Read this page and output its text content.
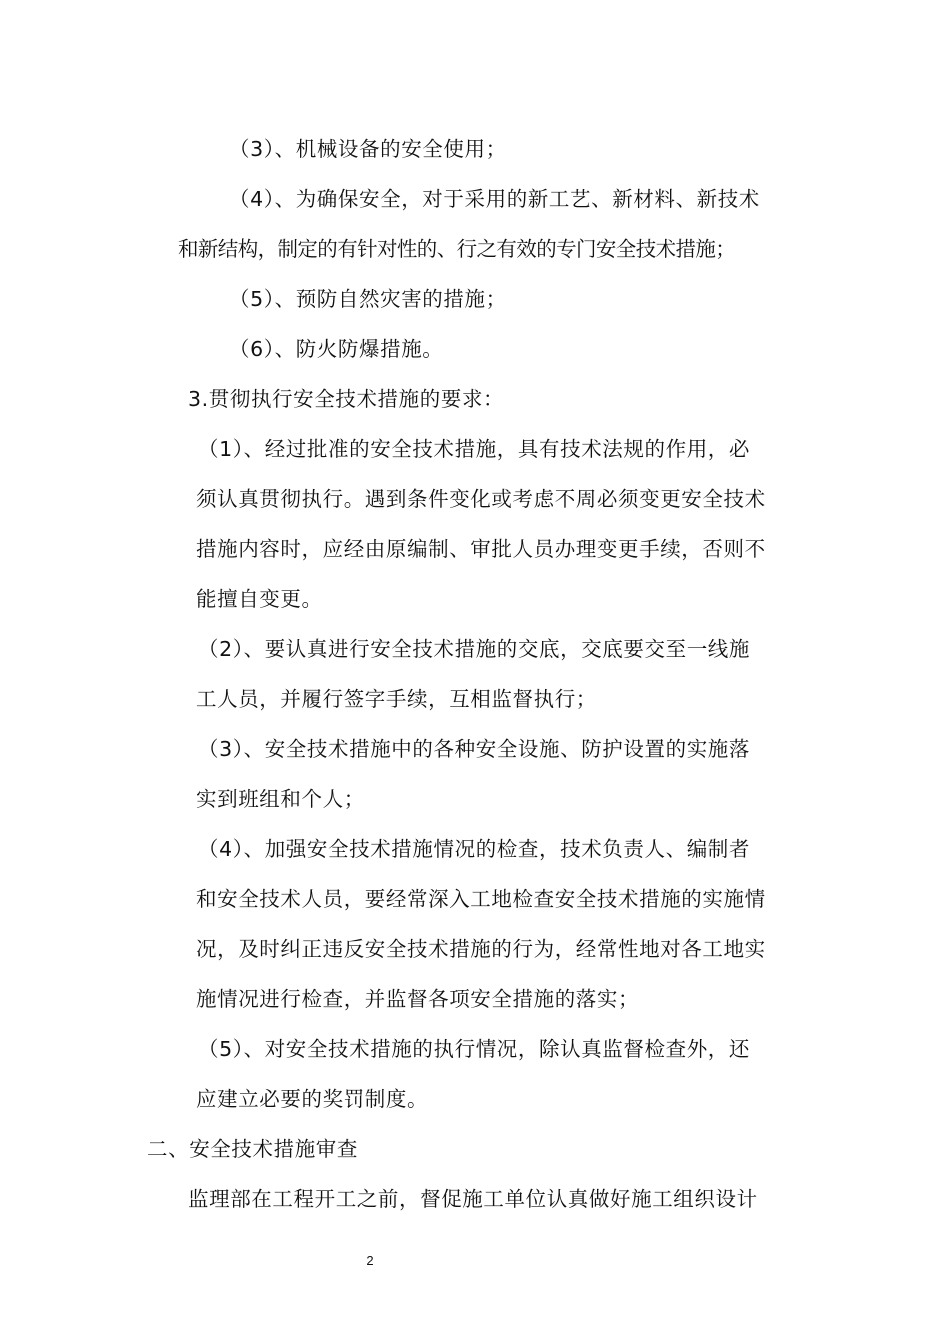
（3）、机械设备的安全使用；
（4）、为确保安全，对于采用的新工艺、新材料、新技术
和新结构，制定的有针对性的、行之有效的专门安全技术措施；
（5）、预防自然灾害的措施；
（6）、防火防爆措施。
3.贯彻执行安全技术措施的要求：
（1）、经过批准的安全技术措施，具有技术法规的作用，必
须认真贯彻执行。遇到条件变化或考虑不周必须变更安全技术
措施内容时，应经由原编制、审批人员办理变更手续，否则不
能擅自变更。
（2）、要认真进行安全技术措施的交底，交底要交至一线施
工人员，并履行签字手续，互相监督执行；
（3）、安全技术措施中的各种安全设施、防护设置的实施落
实到班组和个人；
（4）、加强安全技术措施情况的检查，技术负责人、编制者
和安全技术人员，要经常深入工地检查安全技术措施的实施情
况，及时纠正违反安全技术措施的行为，经常性地对各工地实
施情况进行检查，并监督各项安全措施的落实；
（5）、对安全技术措施的执行情况，除认真监督检查外，还
应建立必要的奖罚制度。
二、安全技术措施审查
监理部在工程开工之前，督促施工单位认真做好施工组织设计
2
